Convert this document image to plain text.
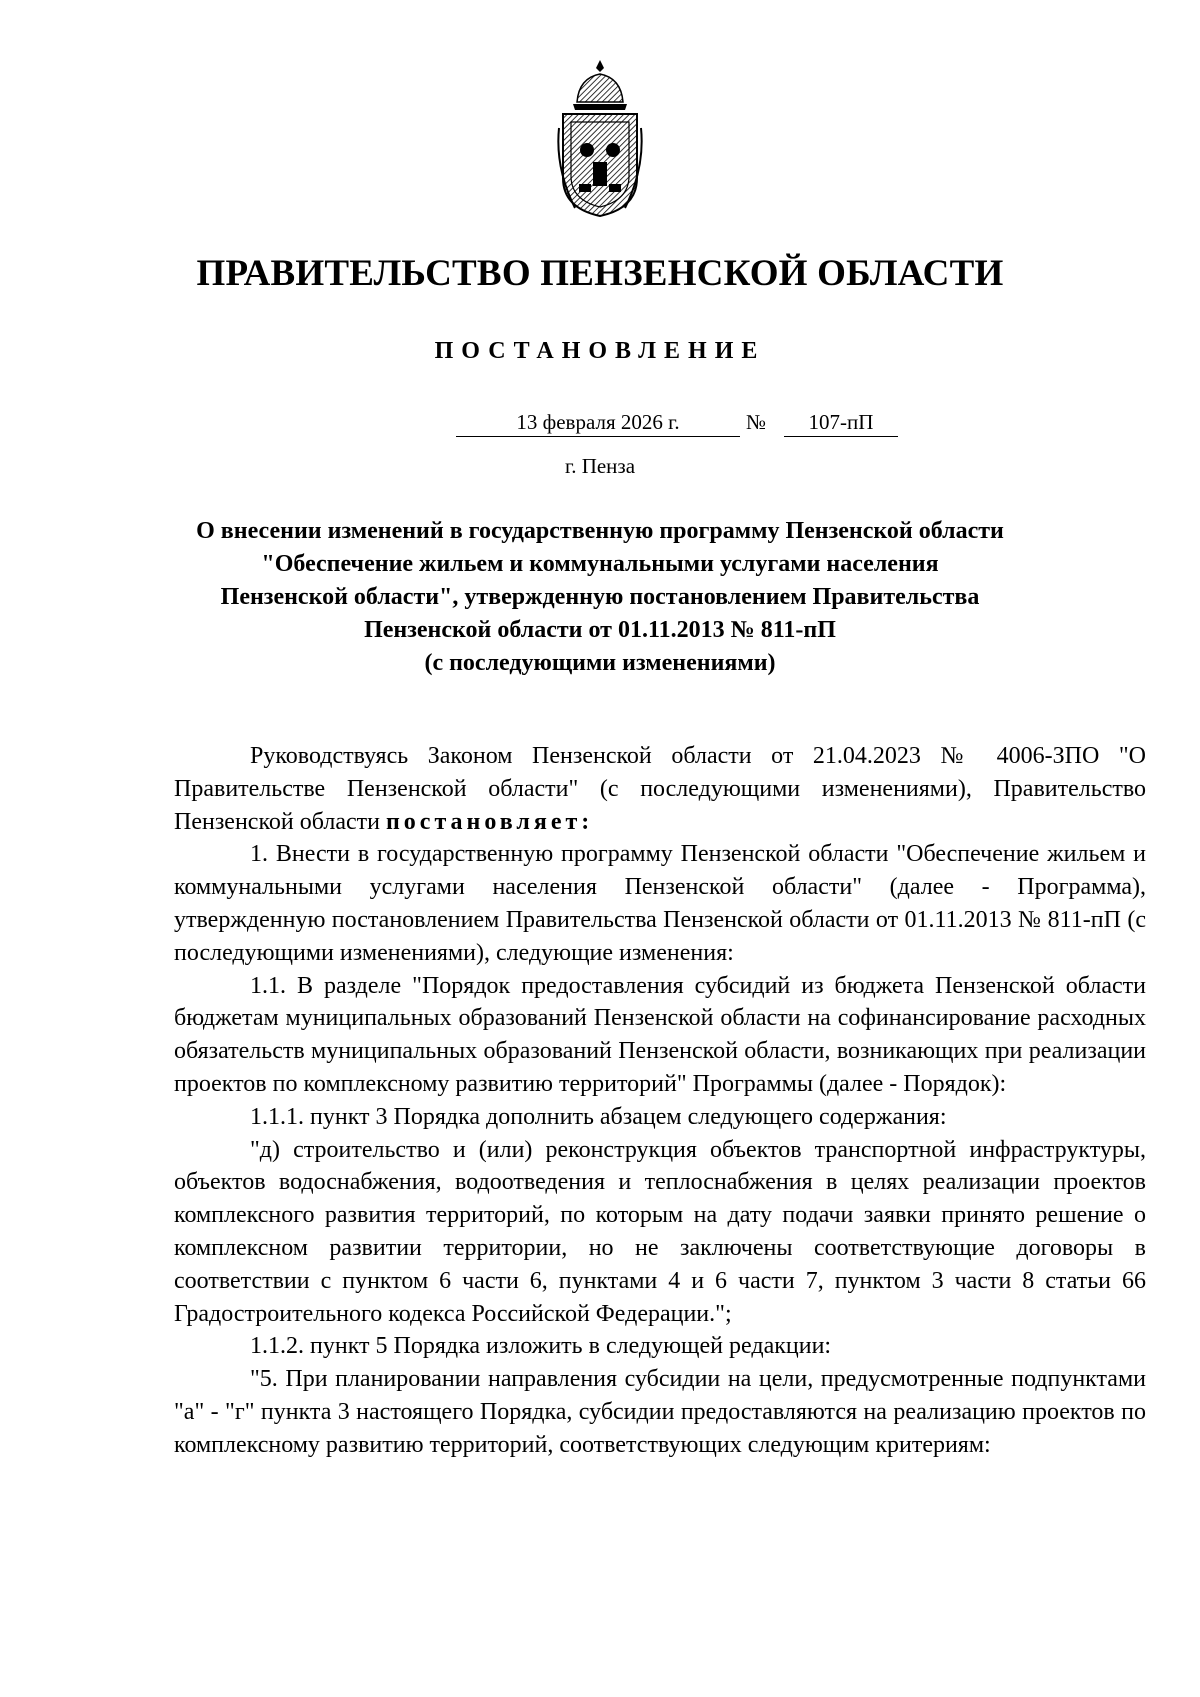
ПРАВИТЕЛЬСТВО ПЕНЗЕНСКОЙ ОБЛАСТИ
ПОСТАНОВЛЕНИЕ
13 февраля 2026 г.	№	107-пП
г. Пенза
О внесении изменений в государственную программу Пензенской области
"Обеспечение жильем и коммунальными услугами населения
Пензенской области", утвержденную постановлением Правительства
Пензенской области от 01.11.2013 № 811-пП
(с последующими изменениями)

Руководствуясь Законом Пензенской области от 21.04.2023 № 4006-ЗПО "О Правительстве Пензенской области" (с последующими изменениями), Правительство Пензенской области постановляет:

1. Внести в государственную программу Пензенской области "Обеспечение жильем и коммунальными услугами населения Пензенской области" (далее - Программа), утвержденную постановлением Правительства Пензенской области от 01.11.2013 № 811-пП (с последующими изменениями), следующие изменения:

1.1. В разделе "Порядок предоставления субсидий из бюджета Пензенской области бюджетам муниципальных образований Пензенской области на софинансирование расходных обязательств муниципальных образований Пензенской области, возникающих при реализации проектов по комплексному развитию территорий" Программы (далее - Порядок):

1.1.1. пункт 3 Порядка дополнить абзацем следующего содержания:

"д) строительство и (или) реконструкция объектов транспортной инфраструктуры, объектов водоснабжения, водоотведения и теплоснабжения в целях реализации проектов комплексного развития территорий, по которым на дату подачи заявки принято решение о комплексном развитии территории, но не заключены соответствующие договоры в соответствии с пунктом 6 части 6, пунктами 4 и 6 части 7, пунктом 3 части 8 статьи 66 Градостроительного кодекса Российской Федерации.";

1.1.2. пункт 5 Порядка изложить в следующей редакции:

"5. При планировании направления субсидии на цели, предусмотренные подпунктами "а" - "г" пункта 3 настоящего Порядка, субсидии предоставляются на реализацию проектов по комплексному развитию территорий, соответствующих следующим критериям:
